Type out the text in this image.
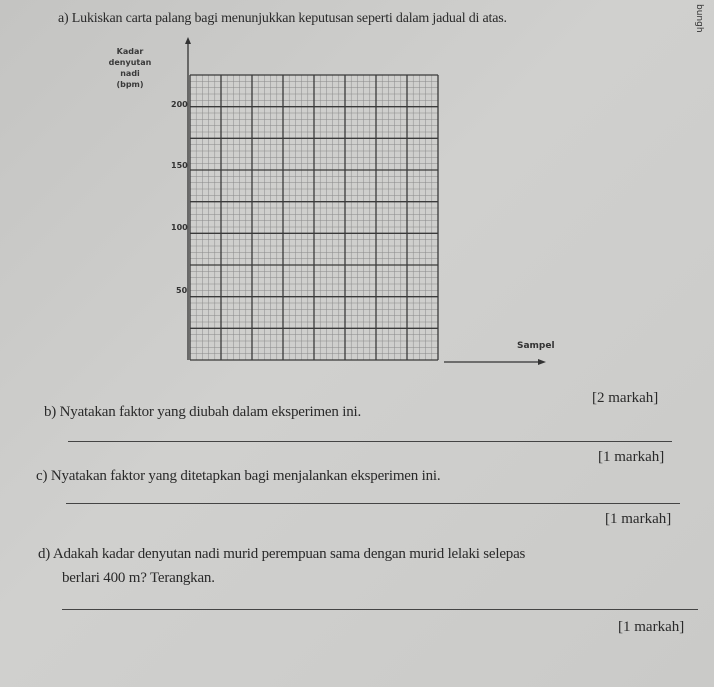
a) Lukiskan carta palang bagi menunjukkan keputusan seperti dalam jadual di atas.	bungh
Kadar
denyutan
nadi
(bpm)
200
150
100
50
Sampel
[2 markah]
b) Nyatakan faktor yang diubah dalam eksperimen ini.
[1 markah]
c) Nyatakan faktor yang ditetapkan bagi menjalankan eksperimen ini.
[1 markah]
d) Adakah kadar denyutan nadi murid perempuan sama dengan murid lelaki selepas
berlari 400 m? Terangkan.
[1 markah]
